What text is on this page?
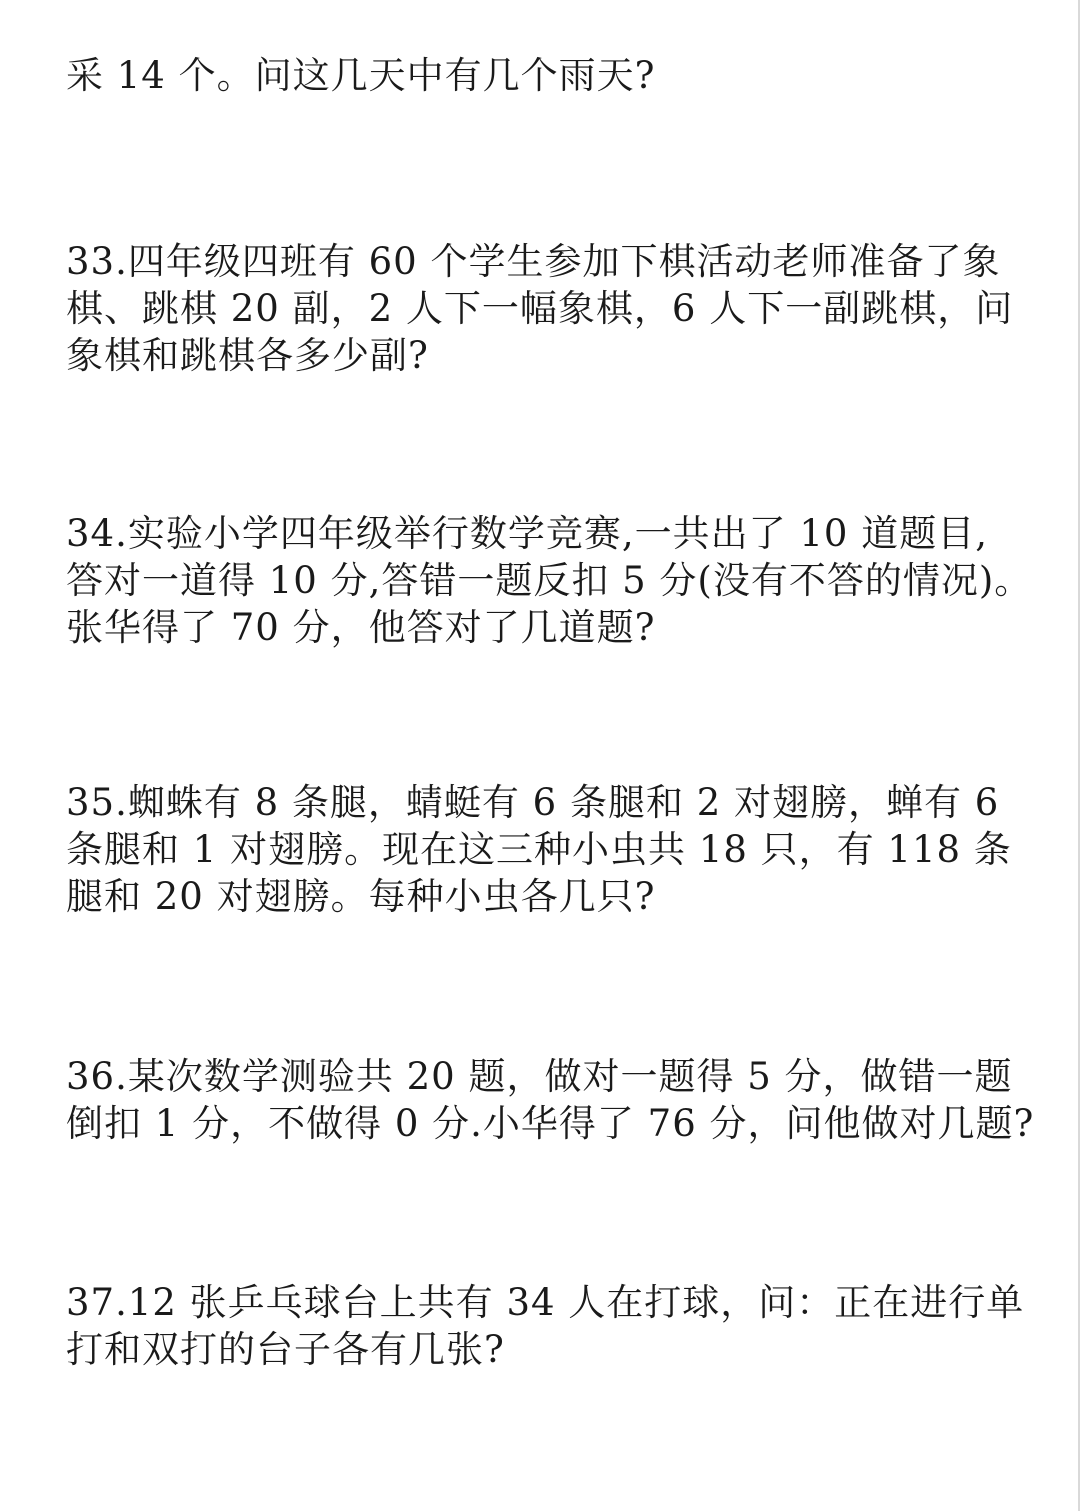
采 14 个。问这几天中有几个雨天?
33.四年级四班有 60 个学生参加下棋活动老师准备了象
棋、跳棋 20 副，2 人下一幅象棋，6 人下一副跳棋，问
象棋和跳棋各多少副?
34.实验小学四年级举行数学竞赛,一共出了 10 道题目,
答对一道得 10 分,答错一题反扣 5 分(没有不答的情况)。
张华得了 70 分，他答对了几道题?
35.蜘蛛有 8 条腿，蜻蜓有 6 条腿和 2 对翅膀，蝉有 6
条腿和 1 对翅膀。现在这三种小虫共 18 只，有 118 条
腿和 20 对翅膀。每种小虫各几只?
36.某次数学测验共 20 题，做对一题得 5 分，做错一题
倒扣 1 分，不做得 0 分.小华得了 76 分，问他做对几题?
37.12 张乒乓球台上共有 34 人在打球，问：正在进行单
打和双打的台子各有几张?
